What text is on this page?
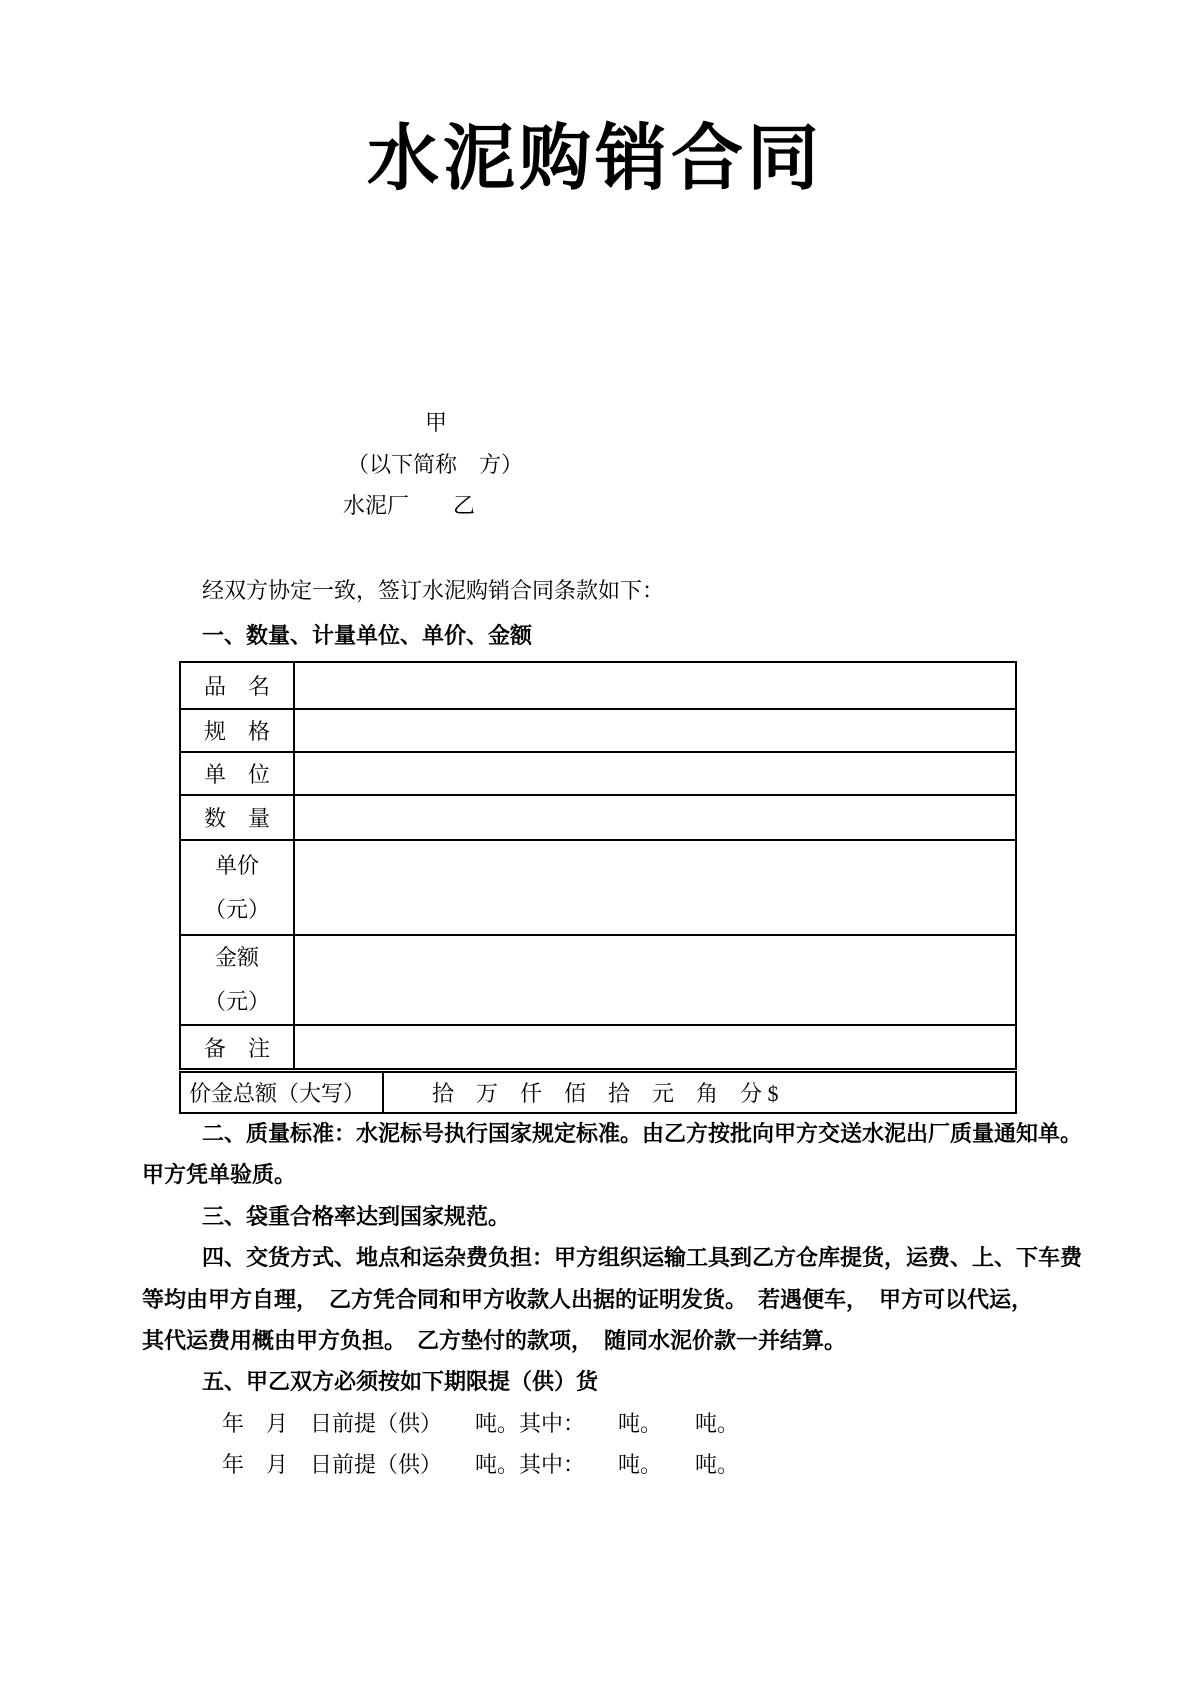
水泥购销合同
甲
（以下简称　方）
水泥厂　　乙
经双方协定一致，签订水泥购销合同条款如下：
一、数量、计量单位、单价、金额
品　名	
规　格	
单　位	
数　量	

单价
（元）	

金额
（元）	

备　注	
价金总额（大写）	拾　万　仟　佰　拾　元　角　分 $
二、质量标准：水泥标号执行国家规定标准。由乙方按批向甲方交送水泥出厂质量通知单。
甲方凭单验质。
三、袋重合格率达到国家规范。
四、交货方式、地点和运杂费负担：甲方组织运输工具到乙方仓库提货，运费、上、下车费
等均由甲方自理，　乙方凭合同和甲方收款人出据的证明发货。　若遇便车，　甲方可以代运，
其代运费用概由甲方负担。　乙方垫付的款项，　随同水泥价款一并结算。
五、甲乙双方必须按如下期限提（供）货
年　月　日前提（供）　　吨。其中：　　吨。　　吨。
年　月　日前提（供）　　吨。其中：　　吨。　　吨。
